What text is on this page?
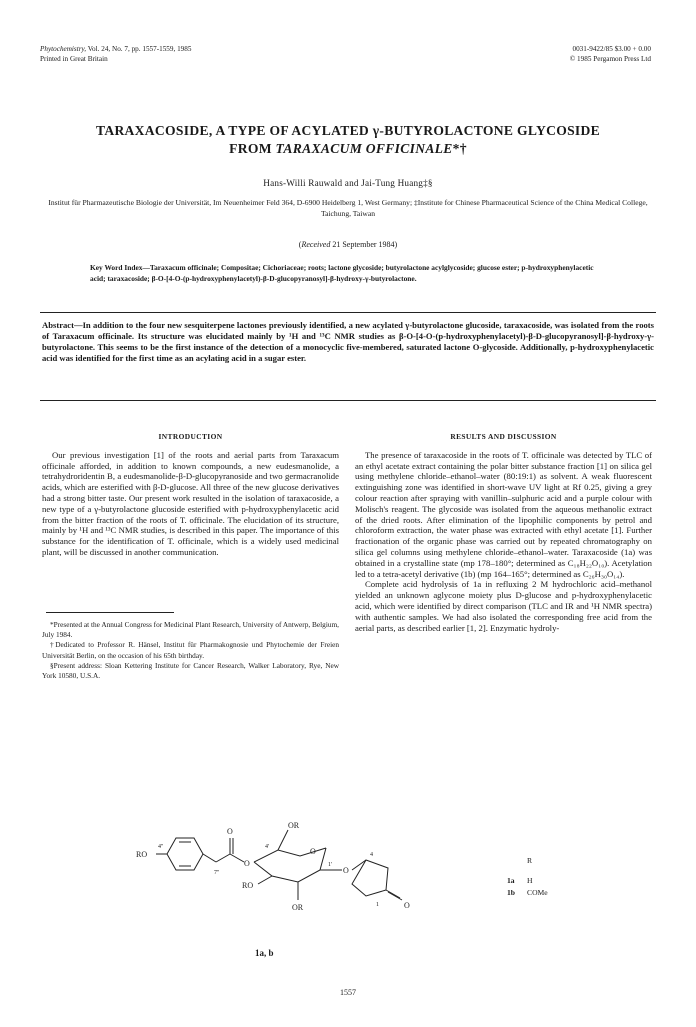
Phytochemistry, Vol. 24, No. 7, pp. 1557-1559, 1985
Printed in Great Britain
0031-9422/85 $3.00 + 0.00
© 1985 Pergamon Press Ltd
TARAXACOSIDE, A TYPE OF ACYLATED γ-BUTYROLACTONE GLYCOSIDE
FROM TARAXACUM OFFICINALE*†
Hans-Willi Rauwald and Jai-Tung Huang‡§
Institut für Pharmazeutische Biologie der Universität, Im Neuenheimer Feld 364, D-6900 Heidelberg 1, West Germany; ‡Institute for Chinese Pharmaceutical Science of the China Medical College, Taichung, Taiwan
(Received 21 September 1984)
Key Word Index—Taraxacum officinale; Compositae; Cichoriaceae; roots; lactone glycoside; butyrolactone acylglycoside; glucose ester; p-hydroxyphenylacetic acid; taraxacoside; β-O-[4-O-(p-hydroxyphenylacetyl)-β-D-glucopyranosyl]-β-hydroxy-γ-butyrolactone.
Abstract—In addition to the four new sesquiterpene lactones previously identified, a new acylated γ-butyrolactone glucoside, taraxacoside, was isolated from the roots of Taraxacum officinale. Its structure was elucidated mainly by ¹H and ¹³C NMR studies as β-O-[4-O-(p-hydroxyphenylacetyl)-β-D-glucopyranosyl]-β-hydroxy-γ-butyrolactone. This seems to be the first instance of the detection of a monocyclic five-membered, saturated lactone O-glycoside. Additionally, p-hydroxyphenylacetic acid was identified for the first time as an acylating acid in a sugar ester.
INTRODUCTION

Our previous investigation [1] of the roots and aerial parts from Taraxacum officinale afforded, in addition to known compounds, a new eudesmanolide, a tetrahydroridentin B, a eudesmanolide-β-D-glucopyranoside and two germacranolide acids, which are esterified with β-D-glucose. All three of the new glucose derivatives had a strong bitter taste. Our present work resulted in the isolation of taraxacoside, a new type of a γ-butyrolactone glucoside esterified with p-hydroxyphenylacetic acid from the bitter fraction of the roots of T. officinale. The elucidation of its structure, mainly by ¹H and ¹³C NMR studies, is described in this paper. The importance of this substance for the identification of T. officinale, which is a widely used medicinal plant, will be discussed in another communication.

*Presented at the Annual Congress for Medicinal Plant Research, University of Antwerp, Belgium, July 1984.

†Dedicated to Professor R. Hänsel, Institut für Pharmakognosie und Phytochemie der Freien Universität Berlin, on the occasion of his 65th birthday.

§Present address: Sloan Kettering Institute for Cancer Research, Walker Laboratory, Rye, New York 10580, U.S.A.

RESULTS AND DISCUSSION

The presence of taraxacoside in the roots of T. officinale was detected by TLC of an ethyl acetate extract containing the polar bitter substance fraction [1] on silica gel using methylene chloride–ethanol–water (80:19:1) as solvent. A weak fluorescent extinguishing zone was identified in short-wave UV light at Rf 0.25, giving a grey colour reaction after spraying with vanillin–sulphuric acid and a purple colour with Molisch's reagent. The glycoside was isolated from the aqueous methanolic extract of the dried roots. After elimination of the lipophilic components by petrol and chloroform extraction, the water phase was extracted with ethyl acetate [1]. Further fractionation of the organic phase was carried out by repeated chromatography on silica gel columns using methylene chloride–ethanol–water. Taraxacoside (1a) was obtained in a crystalline state (mp 178–180°; determined as C₁₈H₂₂O₁₀). Acetylation led to a tetra-acetyl derivative (1b) (mp 164–165°; determined as C₂₆H₃₀O₁₄).

Complete acid hydrolysis of 1a in refluxing 2 M hydrochloric acid–methanol yielded an unknown aglycone moiety plus D-glucose and p-hydroxyphenylacetic acid, which were identified by direct comparison (TLC and IR and ¹H NMR spectra) with authentic samples. We had also isolated the corresponding free acid from the aerial parts, as described earlier [1, 2]. Enzymatic hydroly-

RO
O
O
OR
4'
1'
7''
4''
RO
OR
O
O
4
1	O
1a, b
R
1a	H
1b	COMe
1557
